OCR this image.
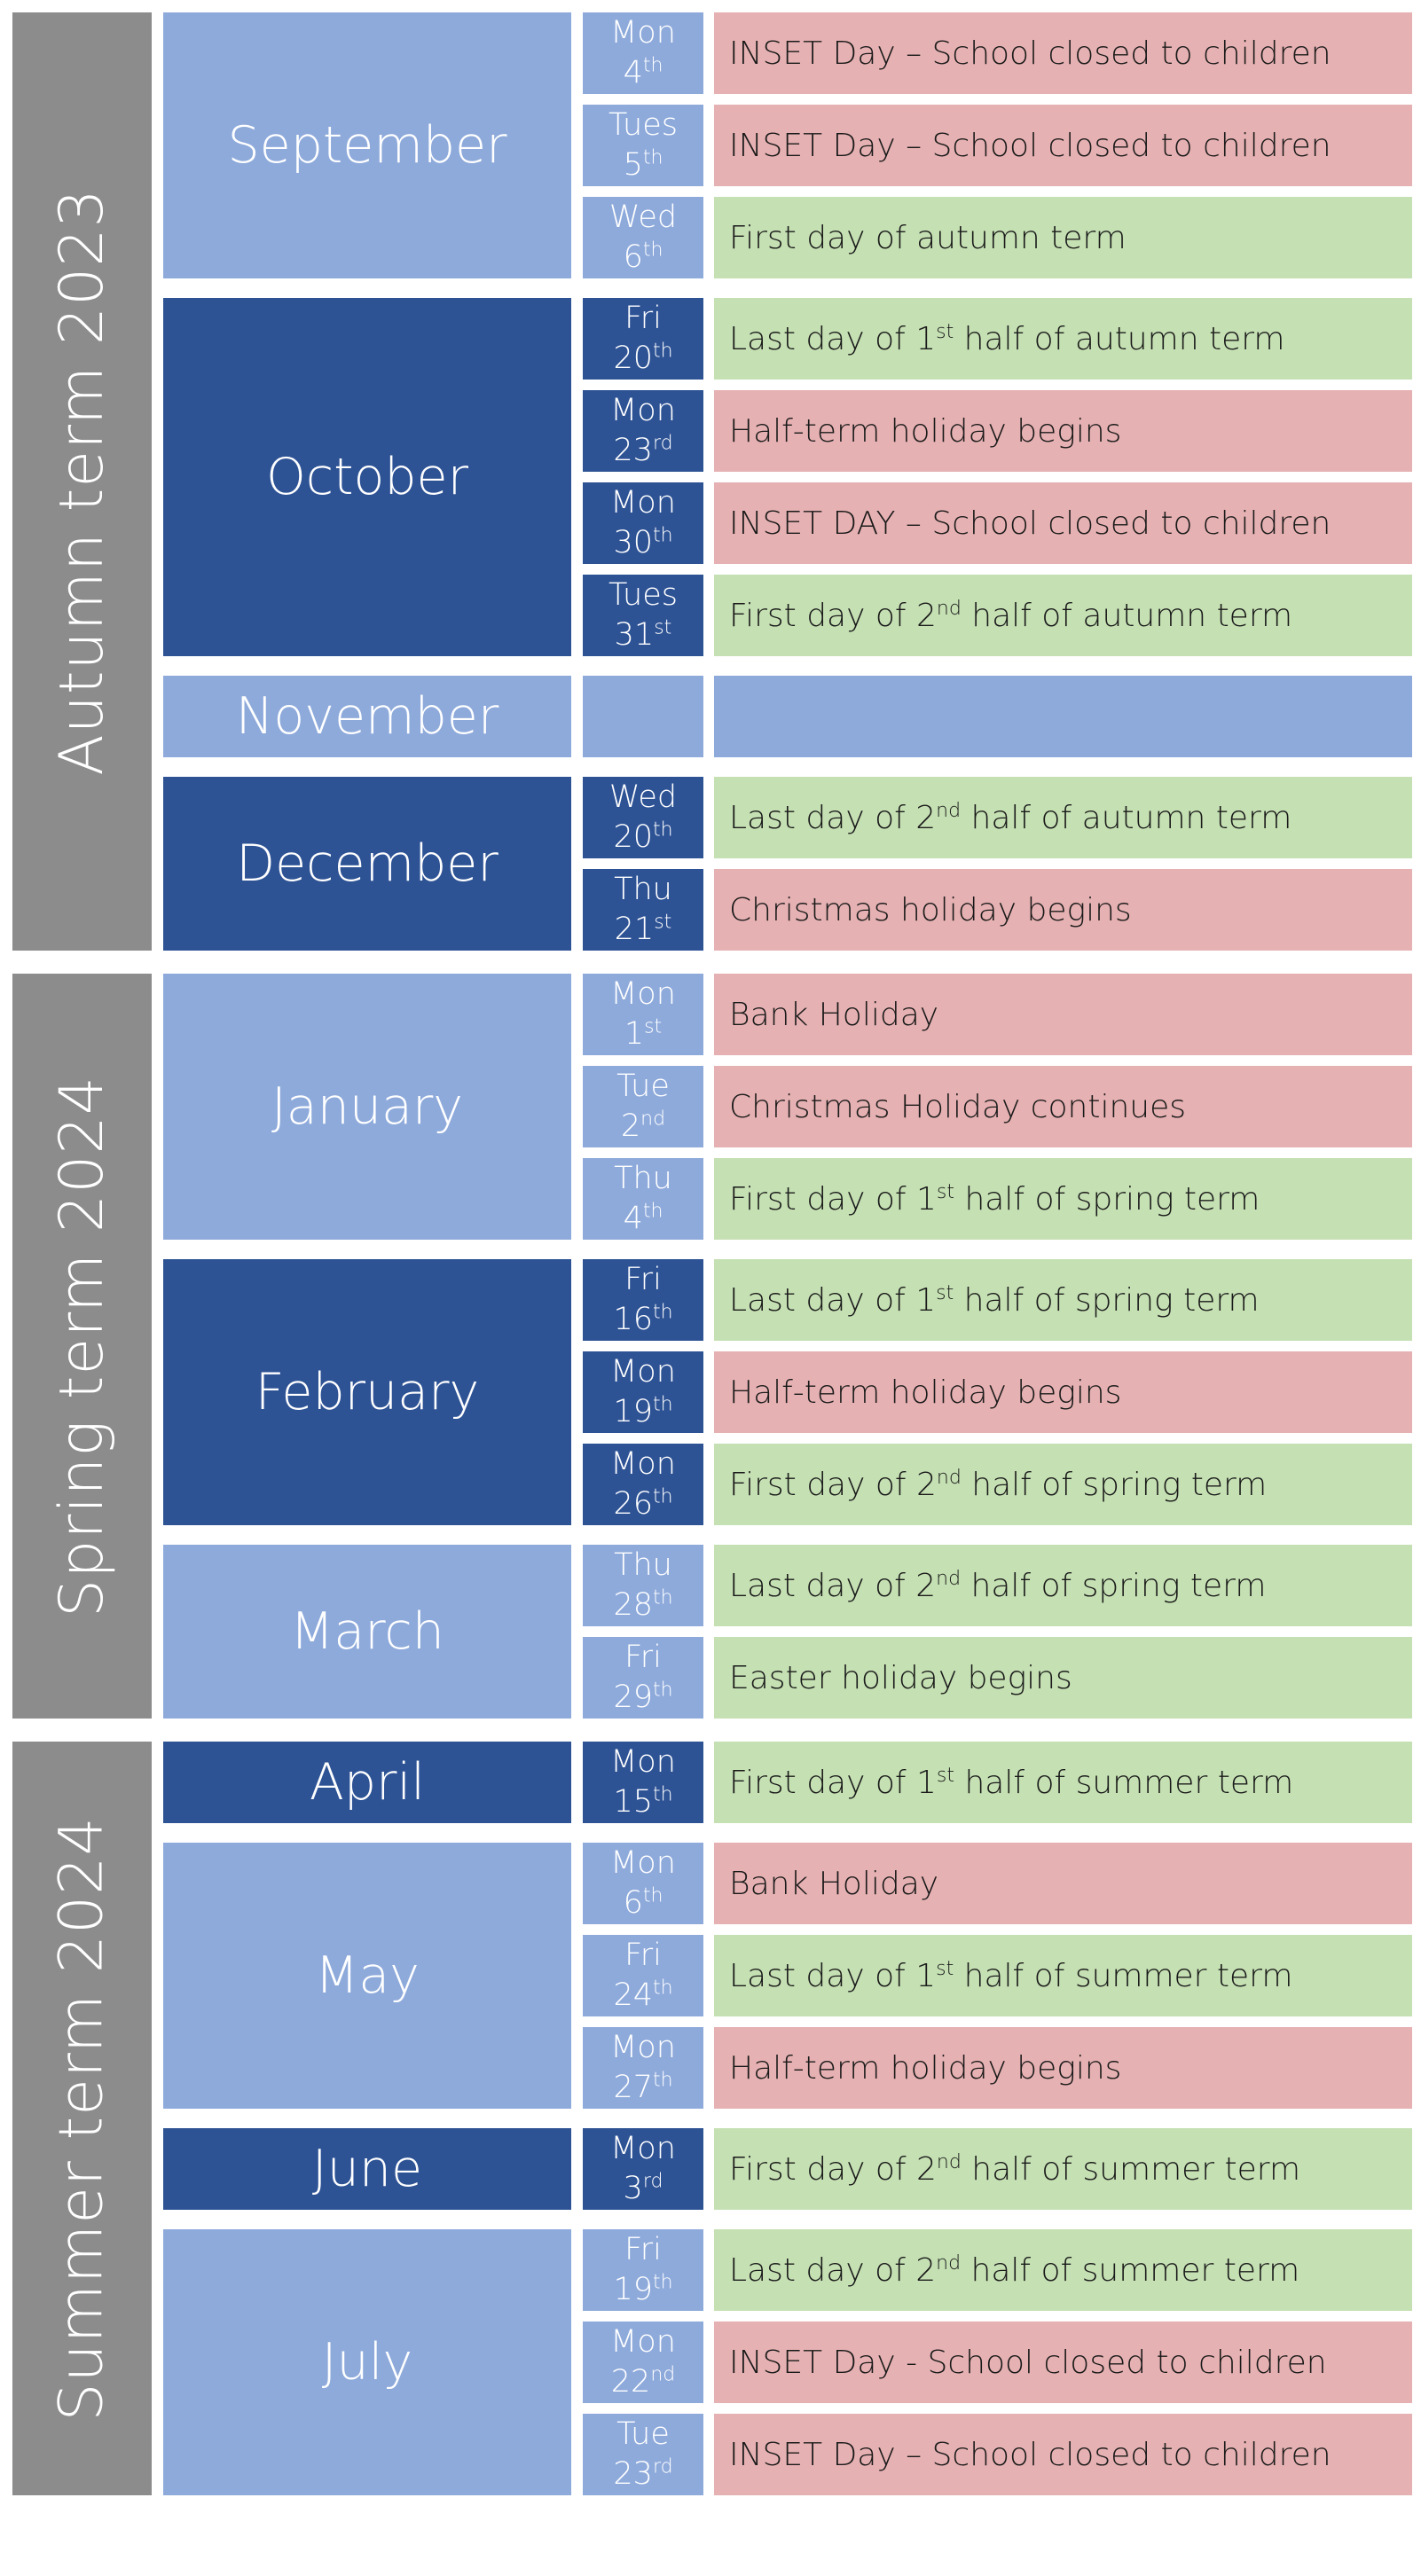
September
Mon
4th INSET Day – School closed to children
Tues
5th INSET Day – School closed to children
Wed
6th First day of autumn term
October
Fri
20th Last day of 1st half of autumn term
Mon
23rd Half-term holiday begins
Mon
30th INSET DAY – School closed to children
Tues
31st First day of 2nd half of autumn term
November
December
Wed
20th Last day of 2nd half of autumn term
Thu
21st Christmas holiday begins
Autumn term 2023
January
Mon
1st Bank Holiday
Tue
2nd Christmas Holiday continues
Thu
4th First day of 1st half of spring term
February
Fri
16th Last day of 1st half of spring term
Mon
19th Half-term holiday begins
Mon
26th First day of 2nd half of spring term
March
Thu
28th Last day of 2nd half of spring term
Fri
29th Easter holiday begins
Spring term 2024
April	Mon
15th First day of 1st half of summer term
May
Mon
6th Bank Holiday
Fri
24th Last day of 1st half of summer term
Mon
27th Half-term holiday begins
June	Mon
3rd First day of 2nd half of summer term
July
Fri
19th Last day of 2nd half of summer term
Mon
22nd INSET Day - School closed to children
Tue
23rd INSET Day – School closed to children
Summer term 2024
